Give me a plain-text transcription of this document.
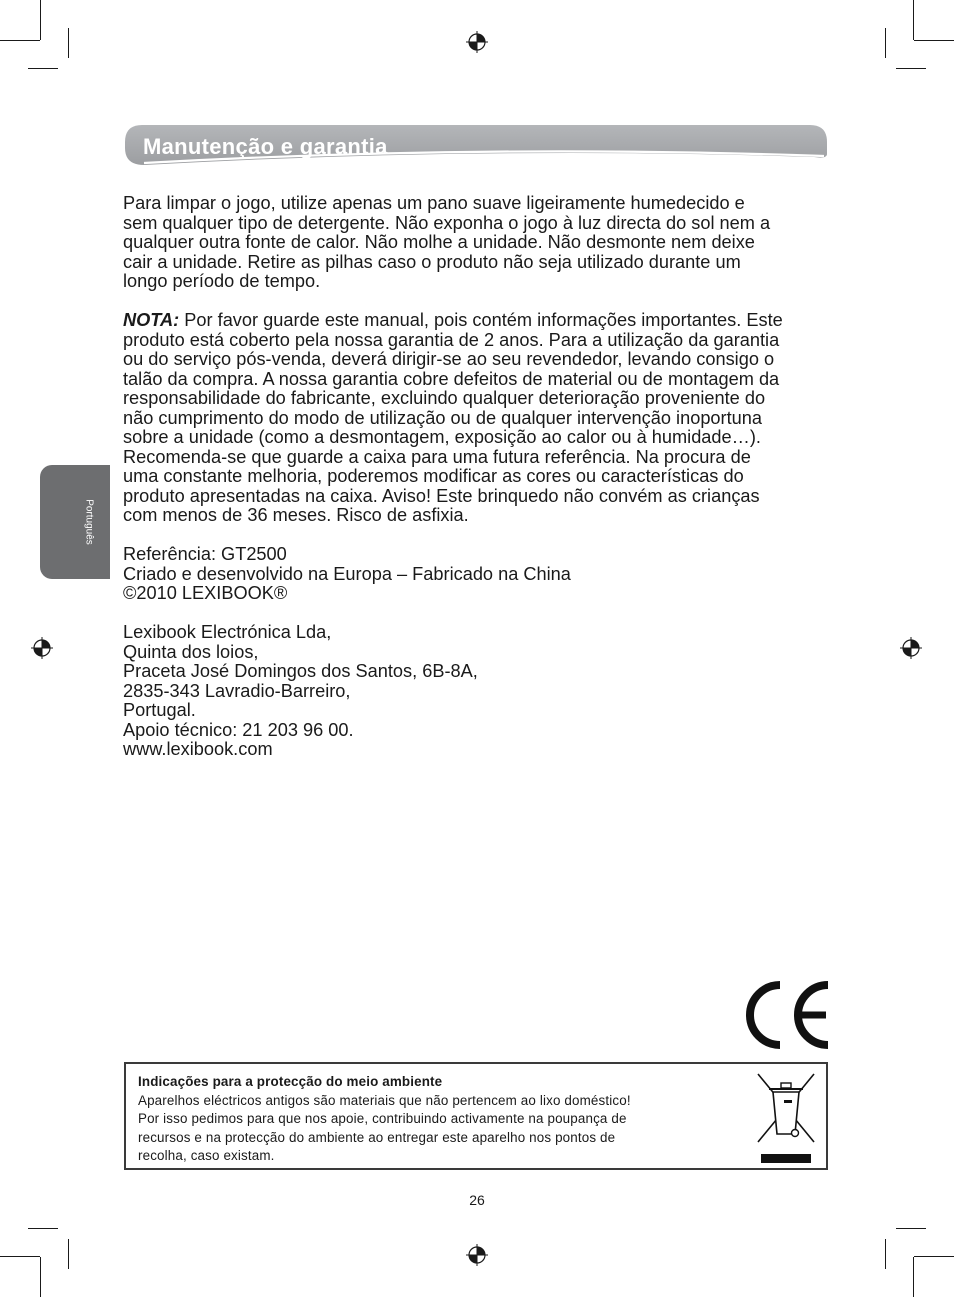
Manutenção e garantia
Português

Para limpar o jogo, utilize apenas um pano suave ligeiramente humedecido e
sem qualquer tipo de detergente. Não exponha o jogo à luz directa do sol nem a
qualquer outra fonte de calor. Não molhe a unidade. Não desmonte nem deixe
cair a unidade. Retire as pilhas caso o produto não seja utilizado durante um
longo período de tempo.

NOTA: Por favor guarde este manual, pois contém informações importantes. Este
produto está coberto pela nossa garantia de 2 anos. Para a utilização da garantia
ou do serviço pós-venda, deverá dirigir-se ao seu revendedor, levando consigo o
talão da compra. A nossa garantia cobre defeitos de material ou de montagem da
responsabilidade do fabricante, excluindo qualquer deterioração proveniente do
não cumprimento do modo de utilização ou de qualquer intervenção inoportuna
sobre a unidade (como a desmontagem, exposição ao calor ou à humidade…).
Recomenda-se que guarde a caixa para uma futura referência. Na procura de
uma constante melhoria, poderemos modificar as cores ou características do
produto apresentadas na caixa. Aviso! Este brinquedo não convém as crianças
com menos de 36 meses. Risco de asfixia.

Referência: GT2500
Criado e desenvolvido na Europa – Fabricado na China
©2010 LEXIBOOK®

Lexibook Electrónica Lda,
Quinta dos loios,
Praceta José Domingos dos Santos, 6B-8A,
2835-343 Lavradio-Barreiro,
Portugal.
Apoio técnico: 21 203 96 00.
www.lexibook.com

Indicações para a protecção do meio ambiente
Aparelhos eléctricos antigos são materiais que não pertencem ao lixo doméstico!
Por isso pedimos para que nos apoie, contribuindo activamente na poupança de
recursos e na protecção do ambiente ao entregar este aparelho nos pontos de
recolha, caso existam.
26
